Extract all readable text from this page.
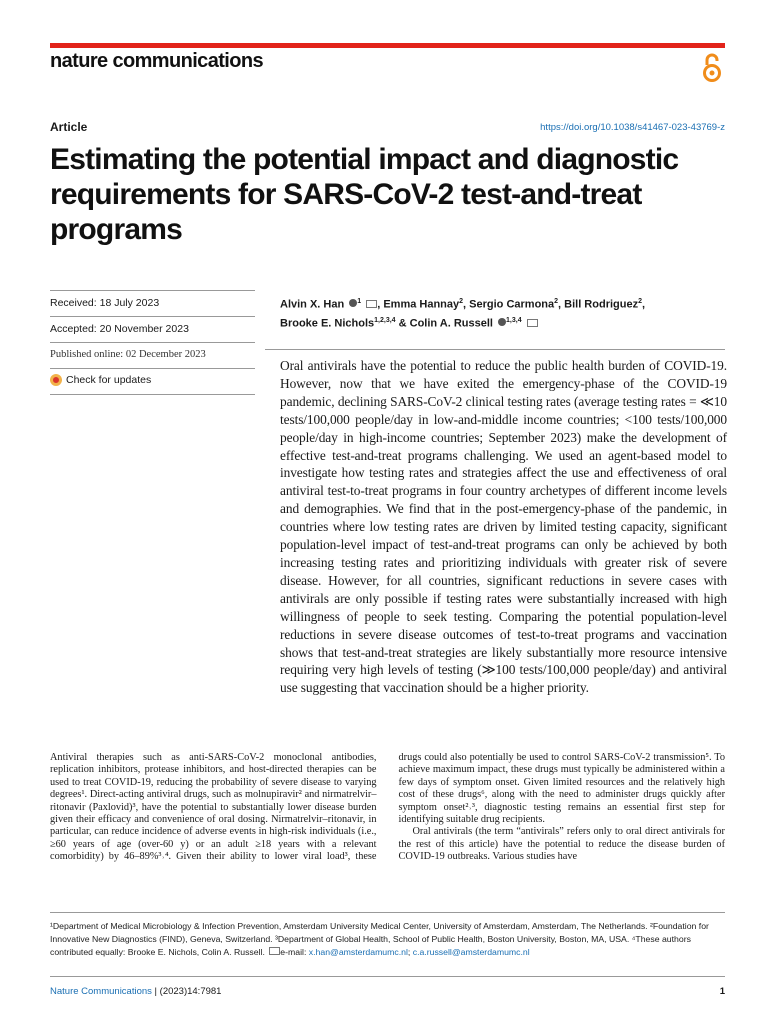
nature communications
Article	https://doi.org/10.1038/s41467-023-43769-z
Estimating the potential impact and diagnostic requirements for SARS-CoV-2 test-and-treat programs
Received: 18 July 2023
Accepted: 20 November 2023
Published online: 02 December 2023
Check for updates
Alvin X. Han $^1$ , Emma Hannay$^2$, Sergio Carmona$^2$, Bill Rodriguez$^2$,
Brooke E. Nichols$^{1,2,3,4}$ & Colin A. Russell $^{1,3,4}$

Oral antivirals have the potential to reduce the public health burden of COVID-19. However, now that we have exited the emergency-phase of the COVID-19 pandemic, declining SARS-CoV-2 clinical testing rates (average testing rates = ≪10 tests/100,000 people/day in low-and-middle income countries; <100 tests/100,000 people/day in high-income countries; September 2023) make the development of effective test-and-treat programs challenging. We used an agent-based model to investigate how testing rates and strategies affect the use and effectiveness of oral antiviral test-to-treat programs in four country archetypes of different income levels and demographies. We find that in the post-emergency-phase of the pandemic, in countries where low testing rates are driven by limited testing capacity, significant population-level impact of test-and-treat programs can only be achieved by both increasing testing rates and prioritizing individuals with greater risk of severe disease. However, for all countries, significant reductions in severe cases with antivirals are only possible if testing rates were substantially increased with high willingness of people to seek testing. Comparing the potential population-level reductions in severe disease outcomes of test-to-treat programs and vaccination shows that test-and-treat strategies are likely substantially more resource intensive requiring very high levels of testing (≫100 tests/100,000 people/day) and antiviral use suggesting that vaccination should be a higher priority.

Antiviral therapies such as anti-SARS-CoV-2 monoclonal antibodies, replication inhibitors, protease inhibitors, and host-directed therapies can be used to treat COVID-19, reducing the probability of severe disease to varying degrees¹. Direct-acting antiviral drugs, such as molnupiravir² and nirmatrelvir–ritonavir (Paxlovid)³, have the potential to substantially lower disease burden given their efficacy and convenience of oral dosing. Nirmatrelvir–ritonavir, in particular, can reduce incidence of adverse events in high-risk individuals (i.e., ≥60 years of age (over-60 y) or an adult ≥18 years with a relevant comorbidity) by 46–89%³˒⁴. Given their ability to lower viral load³, these drugs could also potentially be used to control SARS-CoV-2 transmission⁵. To achieve maximum impact, these drugs must typically be administered within a few days of symptom onset. Given limited resources and the relatively high cost of these drugs⁶, along with the need to administer drugs quickly after symptom onset²˒³, diagnostic testing remains an essential first step for identifying suitable drug recipients.

Oral antivirals (the term “antivirals” refers only to oral direct antivirals for the rest of this article) have the potential to reduce the disease burden of COVID-19 outbreaks. Various studies have

¹Department of Medical Microbiology & Infection Prevention, Amsterdam University Medical Center, University of Amsterdam, Amsterdam, The Netherlands. ²Foundation for Innovative New Diagnostics (FIND), Geneva, Switzerland. ³Department of Global Health, School of Public Health, Boston University, Boston, MA, USA. ⁴These authors contributed equally: Brooke E. Nichols, Colin A. Russell. e-mail: x.han@amsterdamumc.nl; c.a.russell@amsterdamumc.nl

Nature Communications | (2023)14:7981	1
